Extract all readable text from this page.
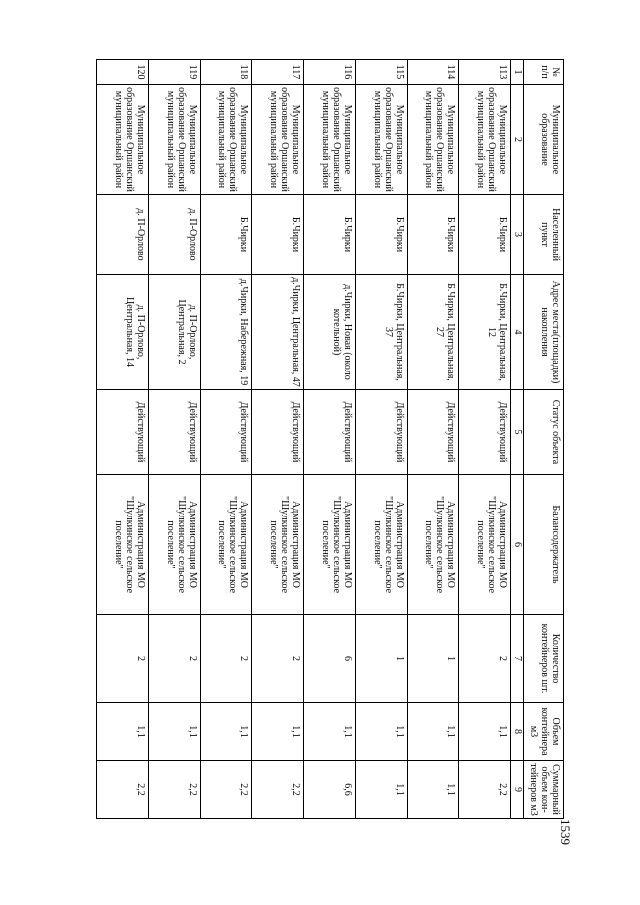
1539
№ п/п	Муниципальное образование	Населенный пункт	Адрес места(площадки) накопления	Статус объекта	Балансодержатель	Количество контейнеров шт.	Объем контейнера м3	Суммарный объем кон- тейнеров м3
1	2	3	4	5	6	7	8	9
113	Муниципальное образование Оршанский муниципальный район	Б.Чирки	Б.Чирки, Центральная, 12	Действующий	Администрация МО "Шулкинское сельское поселение"	2	1,1	2,2
114	Муниципальное образование Оршанский муниципальный район	Б.Чирки	Б.Чирки, Центральная, 27	Действующий	Администрация МО "Шулкинское сельское поселение"	1	1,1	1,1
115	Муниципальное образование Оршанский муниципальный район	Б.Чирки	Б.Чирки, Центральная, 37	Действующий	Администрация МО "Шулкинское сельское поселение"	1	1,1	1,1
116	Муниципальное образование Оршанский муниципальный район	Б.Чирки	д.Чирки, Новая (около котельной)	Действующий	Администрация МО "Шулкинское сельское поселение"	6	1,1	6,6
117	Муниципальное образование Оршанский муниципальный район	Б.Чирки	д.Чирки, Центральная, 47	Действующий	Администрация МО "Шулкинское сельское поселение"	2	1,1	2,2
118	Муниципальное образование Оршанский муниципальный район	Б.Чирки	д.Чирки, Набережная, 19	Действующий	Администрация МО "Шулкинское сельское поселение"	2	1,1	2,2
119	Муниципальное образование Оршанский муниципальный район	д. П-Орлово	д. П-Орлово, Центральная, 2	Действующий	Администрация МО "Шулкинское сельское поселение"	2	1,1	2,2
120	Муниципальное образование Оршанский муниципальный район	д. П-Орлово	д. П-Орлово, Центральная, 14	Действующий	Администрация МО "Шулкинское сельское поселение"	2	1,1	2,2
